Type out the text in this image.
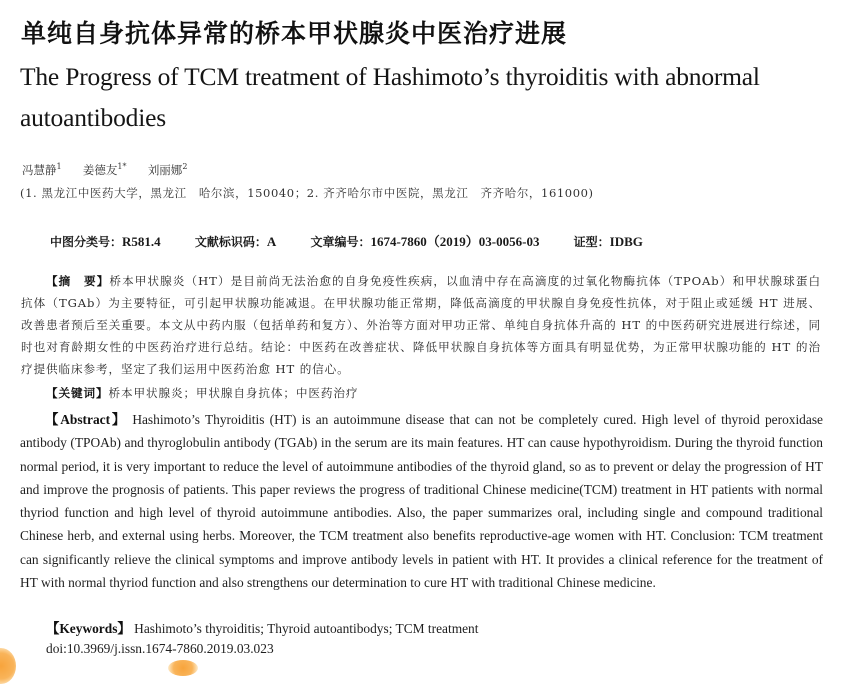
单纯自身抗体异常的桥本甲状腺炎中医治疗进展
The Progress of TCM treatment of Hashimoto’s thyroiditis with abnormal autoantibodies
冯慧静$^1$ 姜德友$^{1*}$ 刘丽娜$^2$
(1. 黑龙江中医药大学，黑龙江　哈尔滨，150040；2. 齐齐哈尔市中医院，黑龙江　齐齐哈尔，161000)
中图分类号：R581.4	文献标识码：A	文章编号：1674-7860（2019）03-0056-03	证型：IDBG
【摘　要】桥本甲状腺炎（HT）是目前尚无法治愈的自身免疫性疾病，以血清中存在高滴度的过氧化物酶抗体（TPOAb）和甲状腺球蛋白抗体（TGAb）为主要特征，可引起甲状腺功能减退。在甲状腺功能正常期，降低高滴度的甲状腺自身免疫性抗体，对于阻止或延缓 HT 进展、改善患者预后至关重要。本文从中药内服（包括单药和复方）、外治等方面对甲功正常、单纯自身抗体升高的 HT 的中医药研究进展进行综述，同时也对育龄期女性的中医药治疗进行总结。结论：中医药在改善症状、降低甲状腺自身抗体等方面具有明显优势，为正常甲状腺功能的 HT 的治疗提供临床参考，坚定了我们运用中医药治愈 HT 的信心。
【关键词】桥本甲状腺炎；甲状腺自身抗体；中医药治疗
【Abstract】 Hashimoto’s Thyroiditis (HT) is an autoimmune disease that can not be completely cured. High level of thyroid peroxidase antibody (TPOAb) and thyroglobulin antibody (TGAb) in the serum are its main features. HT can cause hypothyroidism. During the thyroid function normal period, it is very important to reduce the level of autoimmune antibodies of the thyroid gland, so as to prevent or delay the progression of HT and improve the prognosis of patients. This paper reviews the progress of traditional Chinese medicine(TCM) treatment in HT patients with normal thyriod function and high level of thyroid autoimmune antibodies. Also, the paper summarizes oral, including single and compound traditional Chinese herb, and external using herbs. Moreover, the TCM treatment also benefits reproductive-age women with HT. Conclusion: TCM treatment can significantly relieve the clinical symptoms and improve antibody levels in patient with HT. It provides a clinical reference for the treatment of HT with normal thyriod function and also strengthens our determination to cure HT with traditional Chinese medicine.
【Keywords】 Hashimoto’s thyroiditis; Thyroid autoantibodys; TCM treatment
doi:10.3969/j.issn.1674-7860.2019.03.023
